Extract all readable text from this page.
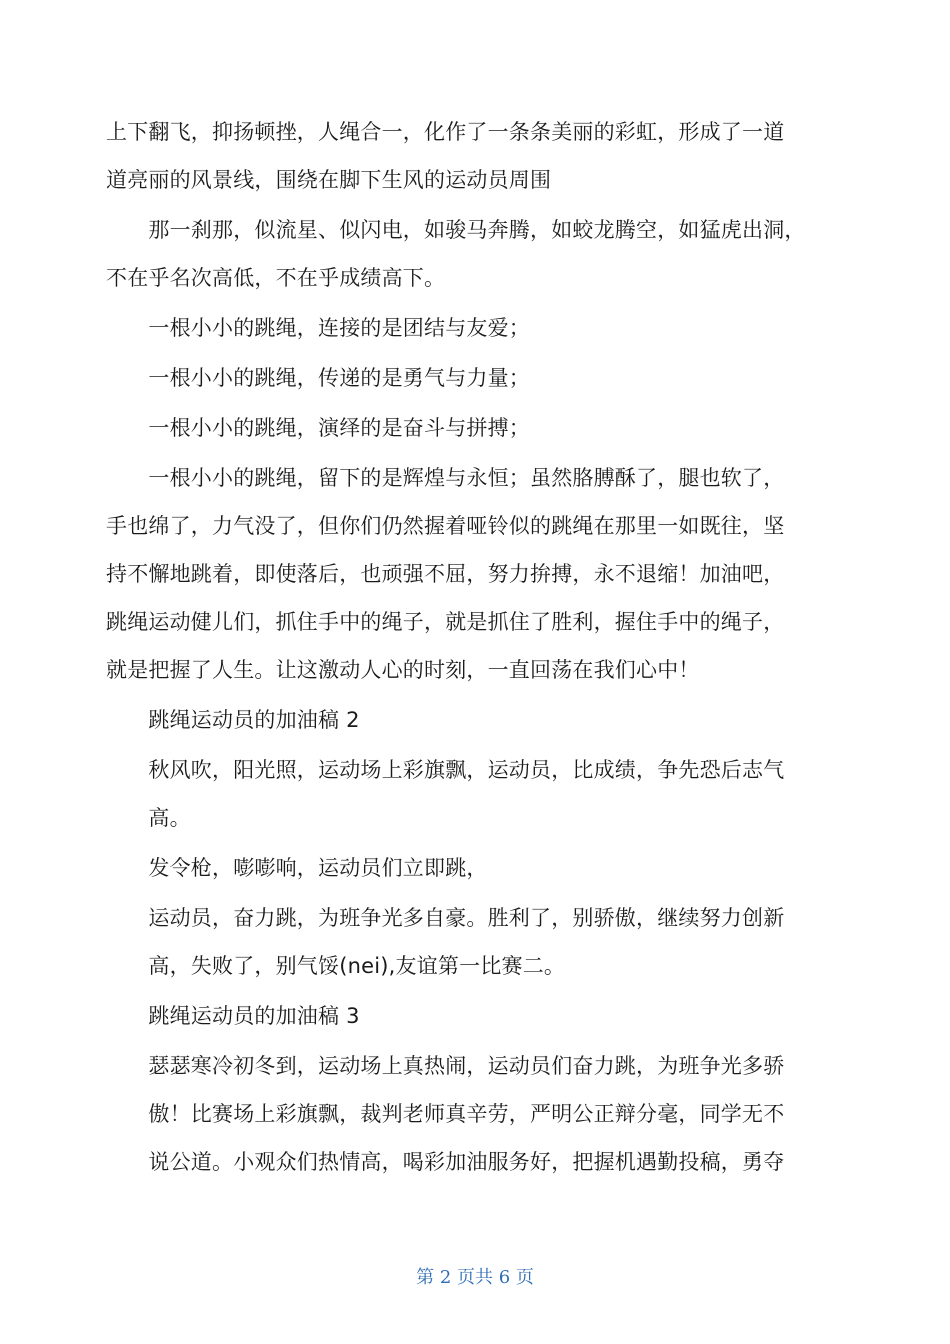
上下翻飞，抑扬顿挫，人绳合一，化作了一条条美丽的彩虹，形成了一道
道亮丽的风景线，围绕在脚下生风的运动员周围
　　那一刹那，似流星、似闪电，如骏马奔腾，如蛟龙腾空，如猛虎出洞，
不在乎名次高低，不在乎成绩高下。
　　一根小小的跳绳，连接的是团结与友爱；
　　一根小小的跳绳，传递的是勇气与力量；
　　一根小小的跳绳，演绎的是奋斗与拼搏；
　　一根小小的跳绳，留下的是辉煌与永恒；虽然胳膊酥了，腿也软了，
手也绵了，力气没了，但你们仍然握着哑铃似的跳绳在那里一如既往，坚
持不懈地跳着，即使落后，也顽强不屈，努力拚搏，永不退缩！加油吧，
跳绳运动健儿们，抓住手中的绳子，就是抓住了胜利，握住手中的绳子，
就是把握了人生。让这激动人心的时刻，一直回荡在我们心中！
　　跳绳运动员的加油稿 2
　　秋风吹，阳光照，运动场上彩旗飘，运动员，比成绩，争先恐后志气
　　高。
　　发令枪，嘭嘭响，运动员们立即跳，
　　运动员，奋力跳，为班争光多自豪。胜利了，别骄傲，继续努力创新
　　高，失败了，别气馁(nei),友谊第一比赛二。
　　跳绳运动员的加油稿 3
　　瑟瑟寒冷初冬到，运动场上真热闹，运动员们奋力跳，为班争光多骄
　　傲！比赛场上彩旗飘，裁判老师真辛劳，严明公正辩分毫，同学无不
　　说公道。小观众们热情高，喝彩加油服务好，把握机遇勤投稿，勇夺
第 2 页共 6 页
